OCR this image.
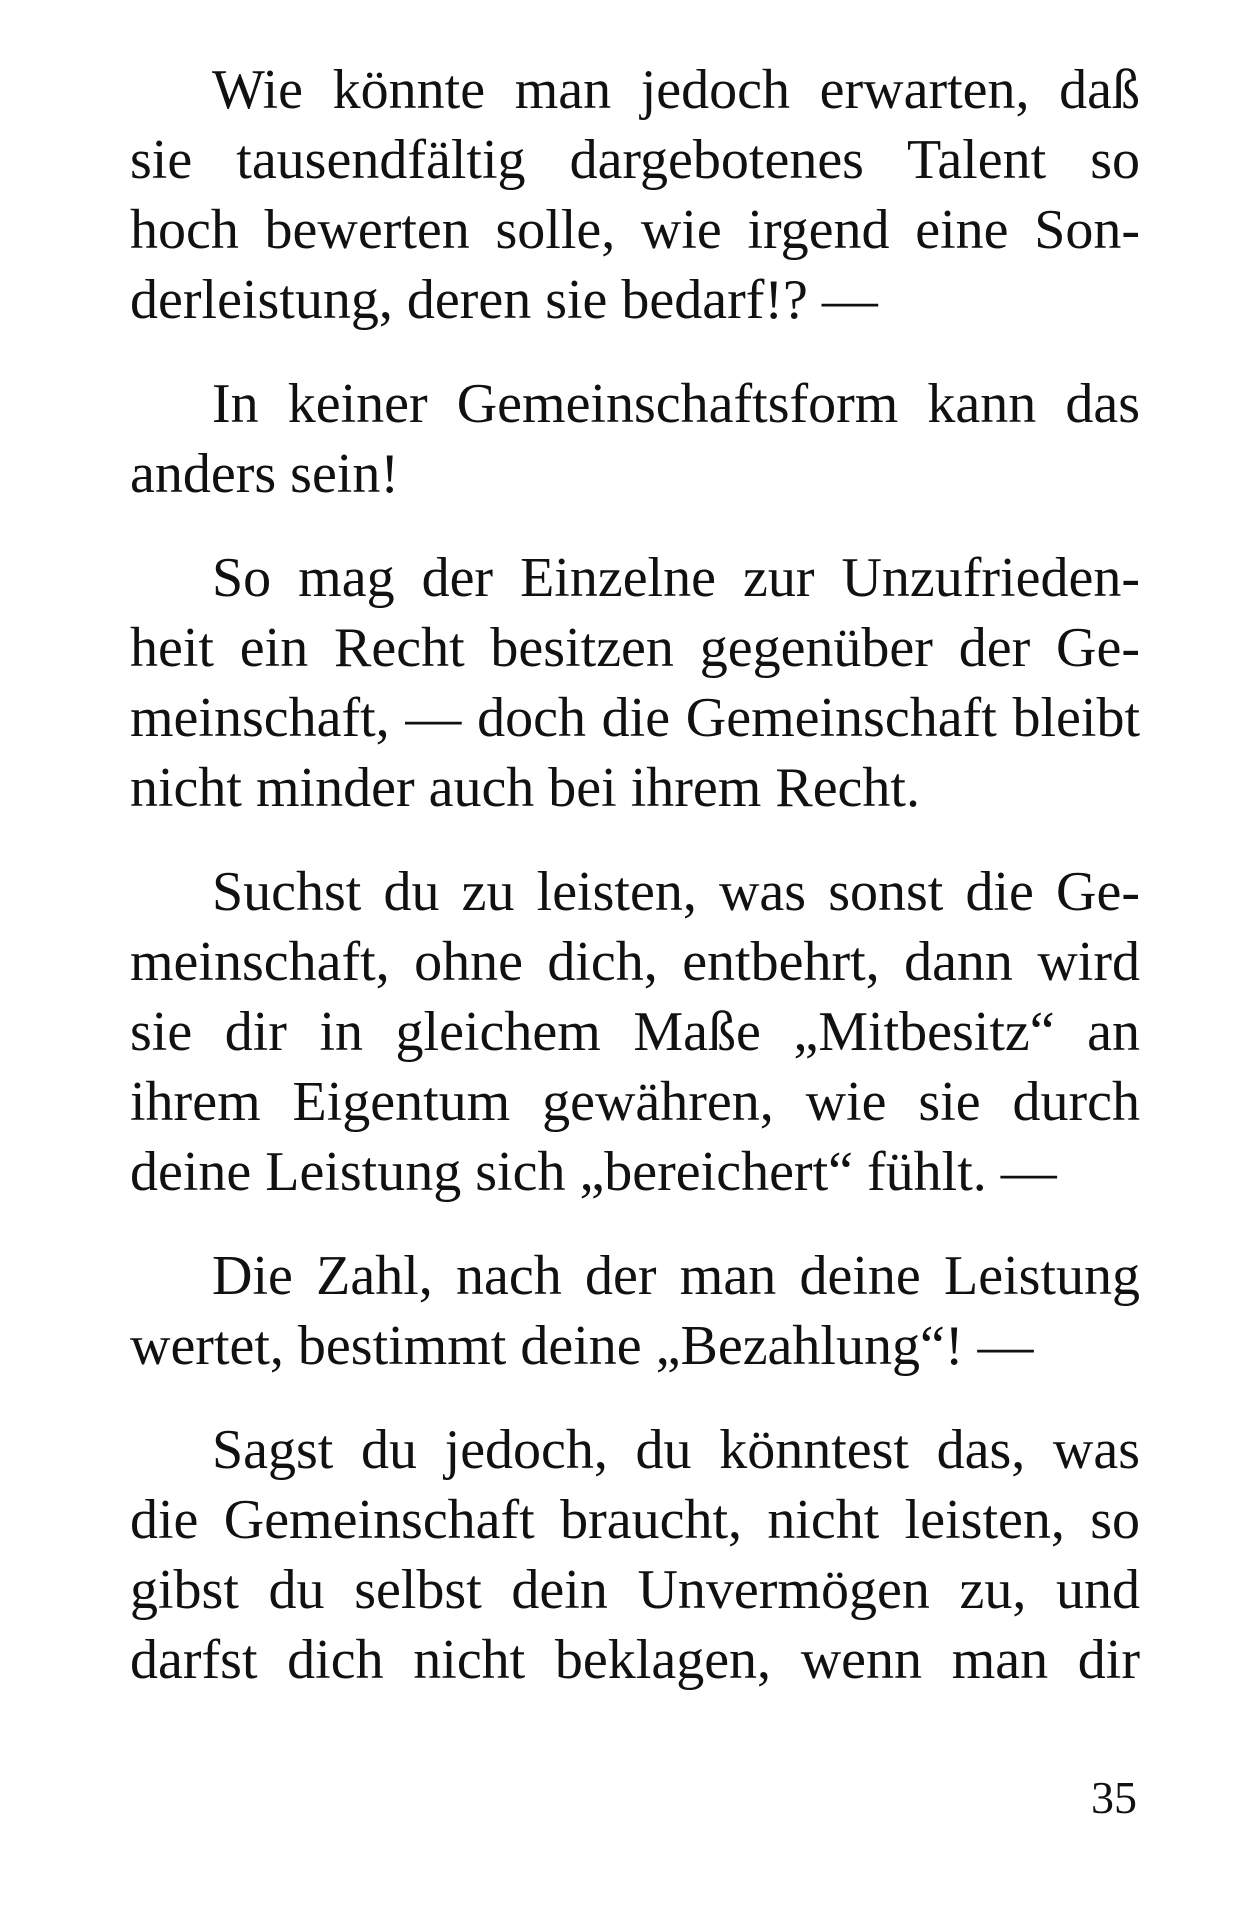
Wie könnte man jedoch erwarten, daß
sie tausendfältig dargebotenes Talent so
hoch bewerten solle, wie irgend eine Son-
derleistung, deren sie bedarf!? —

In keiner Gemeinschaftsform kann das
anders sein!

So mag der Einzelne zur Unzufrieden-
heit ein Recht besitzen gegenüber der Ge-
meinschaft, — doch die Gemeinschaft bleibt
nicht minder auch bei ihrem Recht.

Suchst du zu leisten, was sonst die Ge-
meinschaft, ohne dich, entbehrt, dann wird
sie dir in gleichem Maße „Mitbesitz“ an
ihrem Eigentum gewähren, wie sie durch
deine Leistung sich „bereichert“ fühlt. —

Die Zahl, nach der man deine Leistung
wertet, bestimmt deine „Bezahlung“! —

Sagst du jedoch, du könntest das, was
die Gemeinschaft braucht, nicht leisten, so
gibst du selbst dein Unvermögen zu, und
darfst dich nicht beklagen, wenn man dir

35
